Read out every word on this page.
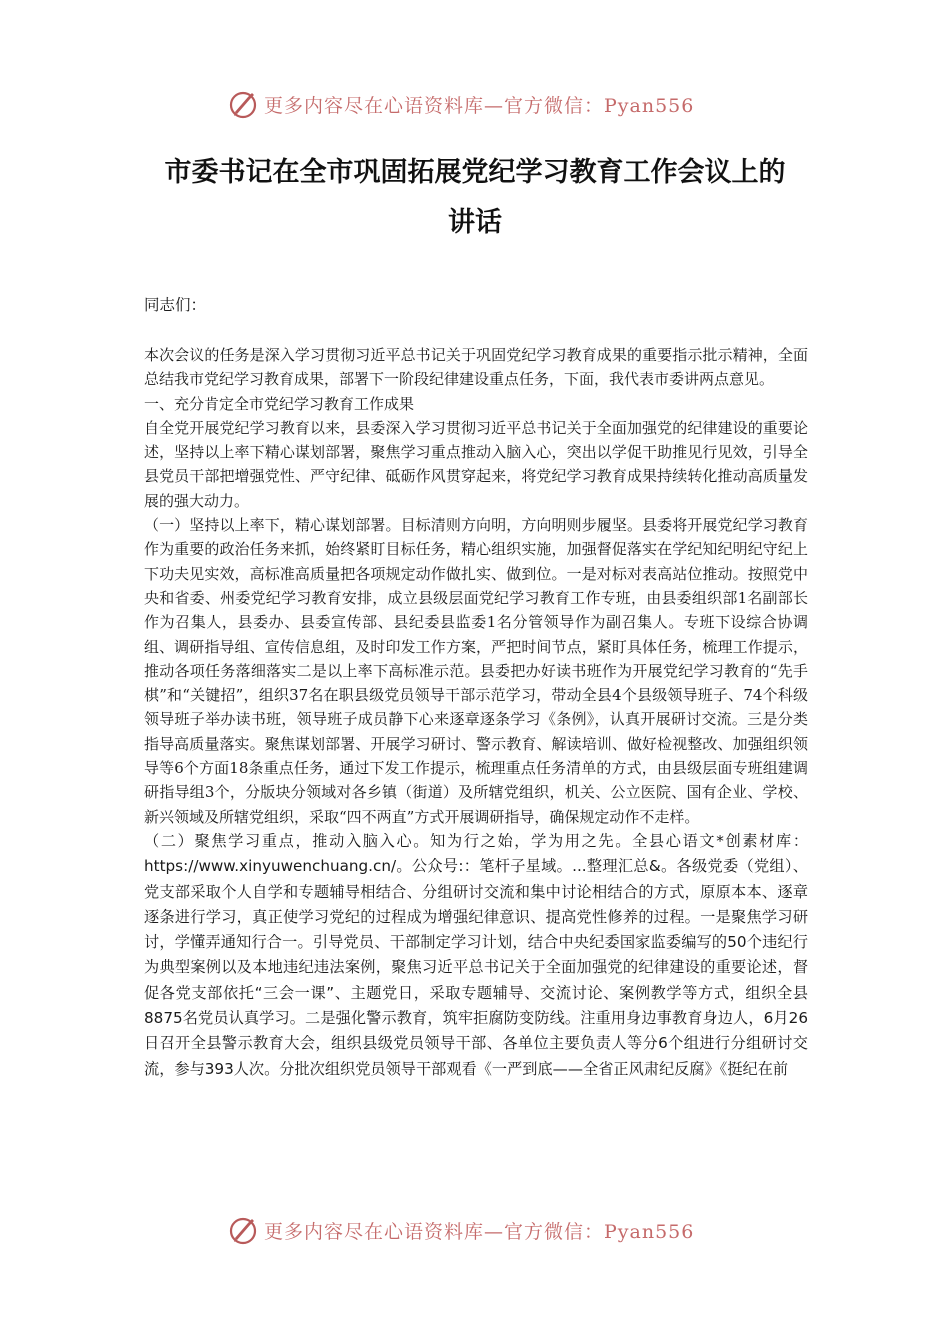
更多内容尽在心语资料库—官方微信：Pyan556
市委书记在全市巩固拓展党纪学习教育工作会议上的
讲话
同志们：

本次会议的任务是深入学习贯彻习近平总书记关于巩固党纪学习教育成果的重要指示批示精神，全面总结我市党纪学习教育成果，部署下一阶段纪律建设重点任务，下面，我代表市委讲两点意见。

一、充分肯定全市党纪学习教育工作成果

自全党开展党纪学习教育以来，县委深入学习贯彻习近平总书记关于全面加强党的纪律建设的重要论述，坚持以上率下精心谋划部署，聚焦学习重点推动入脑入心，突出以学促干助推见行见效，引导全县党员干部把增强党性、严守纪律、砥砺作风贯穿起来，将党纪学习教育成果持续转化推动高质量发展的强大动力。

（一）坚持以上率下，精心谋划部署。目标清则方向明，方向明则步履坚。县委将开展党纪学习教育作为重要的政治任务来抓，始终紧盯目标任务，精心组织实施，加强督促落实在学纪知纪明纪守纪上下功夫见实效，高标准高质量把各项规定动作做扎实、做到位。一是对标对表高站位推动。按照党中央和省委、州委党纪学习教育安排，成立县级层面党纪学习教育工作专班，由县委组织部1名副部长作为召集人，县委办、县委宣传部、县纪委县监委1名分管领导作为副召集人。专班下设综合协调组、调研指导组、宣传信息组，及时印发工作方案，严把时间节点，紧盯具体任务，梳理工作提示，推动各项任务落细落实二是以上率下高标准示范。县委把办好读书班作为开展党纪学习教育的“先手棋”和“关键招”，组织37名在职县级党员领导干部示范学习，带动全县4个县级领导班子、74个科级领导班子举办读书班，领导班子成员静下心来逐章逐条学习《条例》，认真开展研讨交流。三是分类指导高质量落实。聚焦谋划部署、开展学习研讨、警示教育、解读培训、做好检视整改、加强组织领导等6个方面18条重点任务，通过下发工作提示，梳理重点任务清单的方式，由县级层面专班组建调研指导组3个，分版块分领域对各乡镇（街道）及所辖党组织，机关、公立医院、国有企业、学校、新兴领域及所辖党组织，采取“四不两直”方式开展调研指导，确保规定动作不走样。

（二）聚焦学习重点，推动入脑入心。知为行之始，学为用之先。全县心语文*创素材库：https://www.xinyuwenchuang.cn/。公众号:：笔杆子星域。...整理汇总&。各级党委（党组）、党支部采取个人自学和专题辅导相结合、分组研讨交流和集中讨论相结合的方式，原原本本、逐章逐条进行学习，真正使学习党纪的过程成为增强纪律意识、提高党性修养的过程。一是聚焦学习研讨，学懂弄通知行合一。引导党员、干部制定学习计划，结合中央纪委国家监委编写的50个违纪行为典型案例以及本地违纪违法案例，聚焦习近平总书记关于全面加强党的纪律建设的重要论述，督促各党支部依托“三会一课”、主题党日，采取专题辅导、交流讨论、案例教学等方式，组织全县8875名党员认真学习。二是强化警示教育，筑牢拒腐防变防线。注重用身边事教育身边人，6月26日召开全县警示教育大会，组织县级党员领导干部、各单位主要负责人等分6个组进行分组研讨交流，参与393人次。分批次组织党员领导干部观看《一严到底——全省正风肃纪反腐》《挺纪在前

更多内容尽在心语资料库—官方微信：Pyan556
